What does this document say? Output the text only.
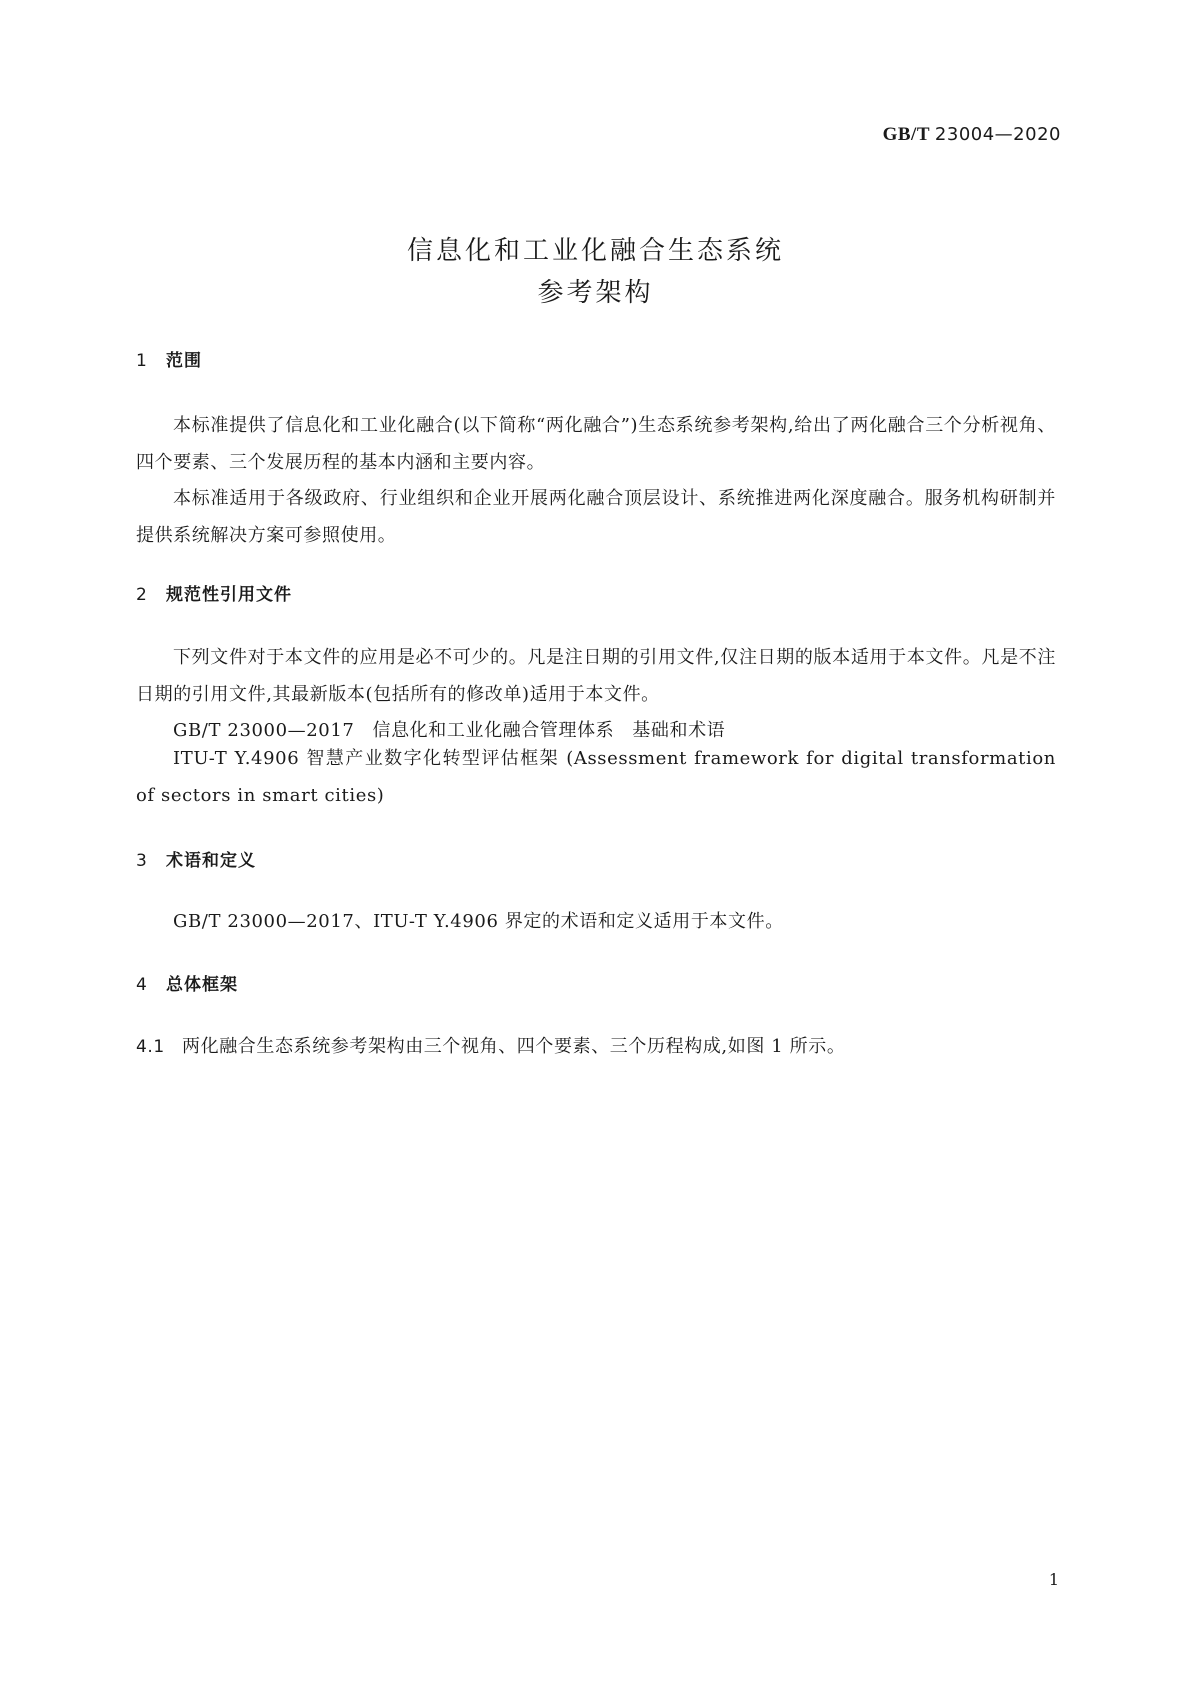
GB/T 23004—2020
信息化和工业化融合生态系统
参考架构
1 范围
本标准提供了信息化和工业化融合(以下简称“两化融合”)生态系统参考架构,给出了两化融合三个分析视角、四个要素、三个发展历程的基本内涵和主要内容。
本标准适用于各级政府、行业组织和企业开展两化融合顶层设计、系统推进两化深度融合。服务机构研制并提供系统解决方案可参照使用。
2 规范性引用文件
下列文件对于本文件的应用是必不可少的。凡是注日期的引用文件,仅注日期的版本适用于本文件。凡是不注日期的引用文件,其最新版本(包括所有的修改单)适用于本文件。
GB/T 23000—2017 信息化和工业化融合管理体系 基础和术语
ITU-T Y.4906 智慧产业数字化转型评估框架 (Assessment framework for digital transformation of sectors in smart cities)
3 术语和定义
GB/T 23000—2017、ITU-T Y.4906 界定的术语和定义适用于本文件。
4 总体框架
4.1 两化融合生态系统参考架构由三个视角、四个要素、三个历程构成,如图 1 所示。
1
